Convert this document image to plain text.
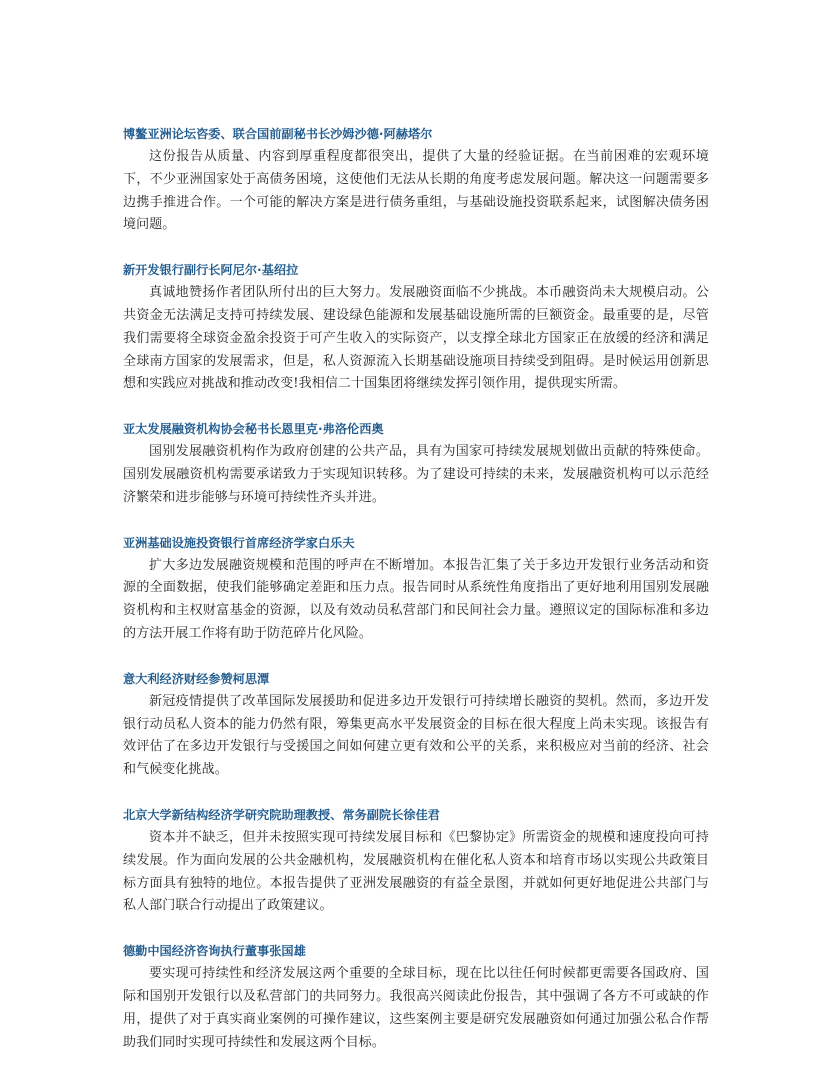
博鳌亚洲论坛咨委、联合国前副秘书长沙姆沙德·阿赫塔尔

这份报告从质量、内容到厚重程度都很突出，提供了大量的经验证据。在当前困难的宏观环境下，不少亚洲国家处于高债务困境，这使他们无法从长期的角度考虑发展问题。解决这一问题需要多边携手推进合作。一个可能的解决方案是进行债务重组，与基础设施投资联系起来，试图解决债务困境问题。

新开发银行副行长阿尼尔·基绍拉

真诚地赞扬作者团队所付出的巨大努力。发展融资面临不少挑战。本币融资尚未大规模启动。公共资金无法满足支持可持续发展、建设绿色能源和发展基础设施所需的巨额资金。最重要的是，尽管我们需要将全球资金盈余投资于可产生收入的实际资产，以支撑全球北方国家正在放缓的经济和满足全球南方国家的发展需求，但是，私人资源流入长期基础设施项目持续受到阻碍。是时候运用创新思想和实践应对挑战和推动改变!我相信二十国集团将继续发挥引领作用，提供现实所需。

亚太发展融资机构协会秘书长恩里克·弗洛伦西奥

国别发展融资机构作为政府创建的公共产品，具有为国家可持续发展规划做出贡献的特殊使命。国别发展融资机构需要承诺致力于实现知识转移。为了建设可持续的未来，发展融资机构可以示范经济繁荣和进步能够与环境可持续性齐头并进。

亚洲基础设施投资银行首席经济学家白乐夫

扩大多边发展融资规模和范围的呼声在不断增加。本报告汇集了关于多边开发银行业务活动和资源的全面数据，使我们能够确定差距和压力点。报告同时从系统性角度指出了更好地利用国别发展融资机构和主权财富基金的资源，以及有效动员私营部门和民间社会力量。遵照议定的国际标准和多边的方法开展工作将有助于防范碎片化风险。

意大利经济财经参赞柯思潭

新冠疫情提供了改革国际发展援助和促进多边开发银行可持续增长融资的契机。然而，多边开发银行动员私人资本的能力仍然有限，筹集更高水平发展资金的目标在很大程度上尚未实现。该报告有效评估了在多边开发银行与受援国之间如何建立更有效和公平的关系，来积极应对当前的经济、社会和气候变化挑战。

北京大学新结构经济学研究院助理教授、常务副院长徐佳君

资本并不缺乏，但并未按照实现可持续发展目标和《巴黎协定》所需资金的规模和速度投向可持续发展。作为面向发展的公共金融机构，发展融资机构在催化私人资本和培育市场以实现公共政策目标方面具有独特的地位。本报告提供了亚洲发展融资的有益全景图，并就如何更好地促进公共部门与私人部门联合行动提出了政策建议。

德勤中国经济咨询执行董事张国雄

要实现可持续性和经济发展这两个重要的全球目标，现在比以往任何时候都更需要各国政府、国际和国别开发银行以及私营部门的共同努力。我很高兴阅读此份报告，其中强调了各方不可或缺的作用，提供了对于真实商业案例的可操作建议，这些案例主要是研究发展融资如何通过加强公私合作帮助我们同时实现可持续性和发展这两个目标。
